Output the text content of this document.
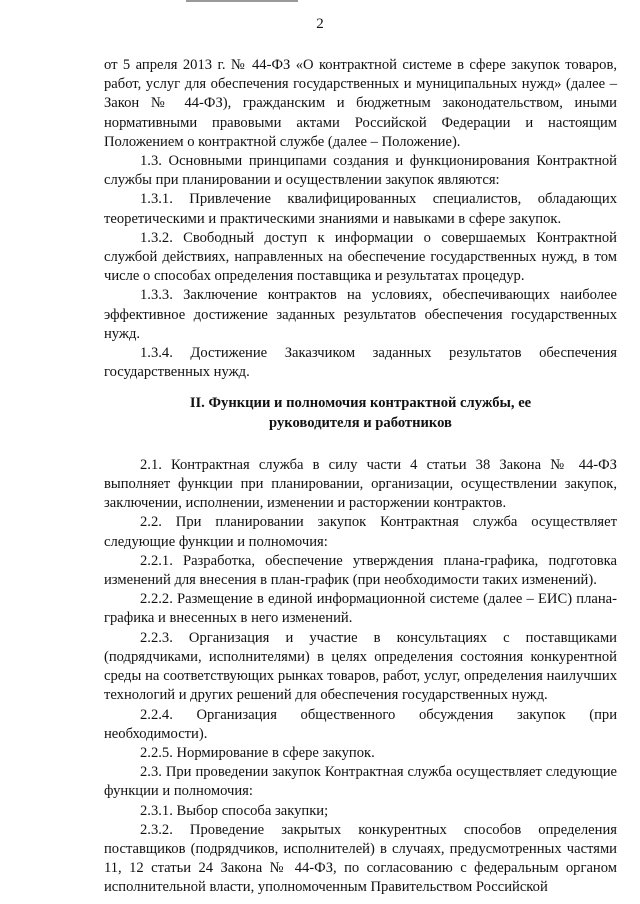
2

от 5 апреля 2013 г. № 44-ФЗ «О контрактной системе в сфере закупок товаров, работ, услуг для обеспечения государственных и муниципальных нужд» (далее – Закон № 44-ФЗ), гражданским и бюджетным законодательством, иными нормативными правовыми актами Российской Федерации и настоящим Положением о контрактной службе (далее – Положение).

1.3. Основными принципами создания и функционирования Контрактной службы при планировании и осуществлении закупок являются:

1.3.1. Привлечение квалифицированных специалистов, обладающих теоретическими и практическими знаниями и навыками в сфере закупок.

1.3.2. Свободный доступ к информации о совершаемых Контрактной службой действиях, направленных на обеспечение государственных нужд, в том числе о способах определения поставщика и результатах процедур.

1.3.3. Заключение контрактов на условиях, обеспечивающих наиболее эффективное достижение заданных результатов обеспечения государственных нужд.

1.3.4. Достижение Заказчиком заданных результатов обеспечения государственных нужд.

II. Функции и полномочия контрактной службы, ее

руководителя и работников

2.1. Контрактная служба в силу части 4 статьи 38 Закона № 44-ФЗ выполняет функции при планировании, организации, осуществлении закупок, заключении, исполнении, изменении и расторжении контрактов.

2.2. При планировании закупок Контрактная служба осуществляет следующие функции и полномочия:

2.2.1. Разработка, обеспечение утверждения плана-графика, подготовка изменений для внесения в план-график (при необходимости таких изменений).

2.2.2. Размещение в единой информационной системе (далее – ЕИС) плана-графика и внесенных в него изменений.

2.2.3. Организация и участие в консультациях с поставщиками (подрядчиками, исполнителями) в целях определения состояния конкурентной среды на соответствующих рынках товаров, работ, услуг, определения наилучших технологий и других решений для обеспечения государственных нужд.

2.2.4. Организация общественного обсуждения закупок (при необходимости).

2.2.5. Нормирование в сфере закупок.

2.3. При проведении закупок Контрактная служба осуществляет следующие функции и полномочия:

2.3.1. Выбор способа закупки;

2.3.2. Проведение закрытых конкурентных способов определения поставщиков (подрядчиков, исполнителей) в случаях, предусмотренных частями 11, 12 статьи 24 Закона № 44-ФЗ, по согласованию с федеральным органом исполнительной власти, уполномоченным Правительством Российской
